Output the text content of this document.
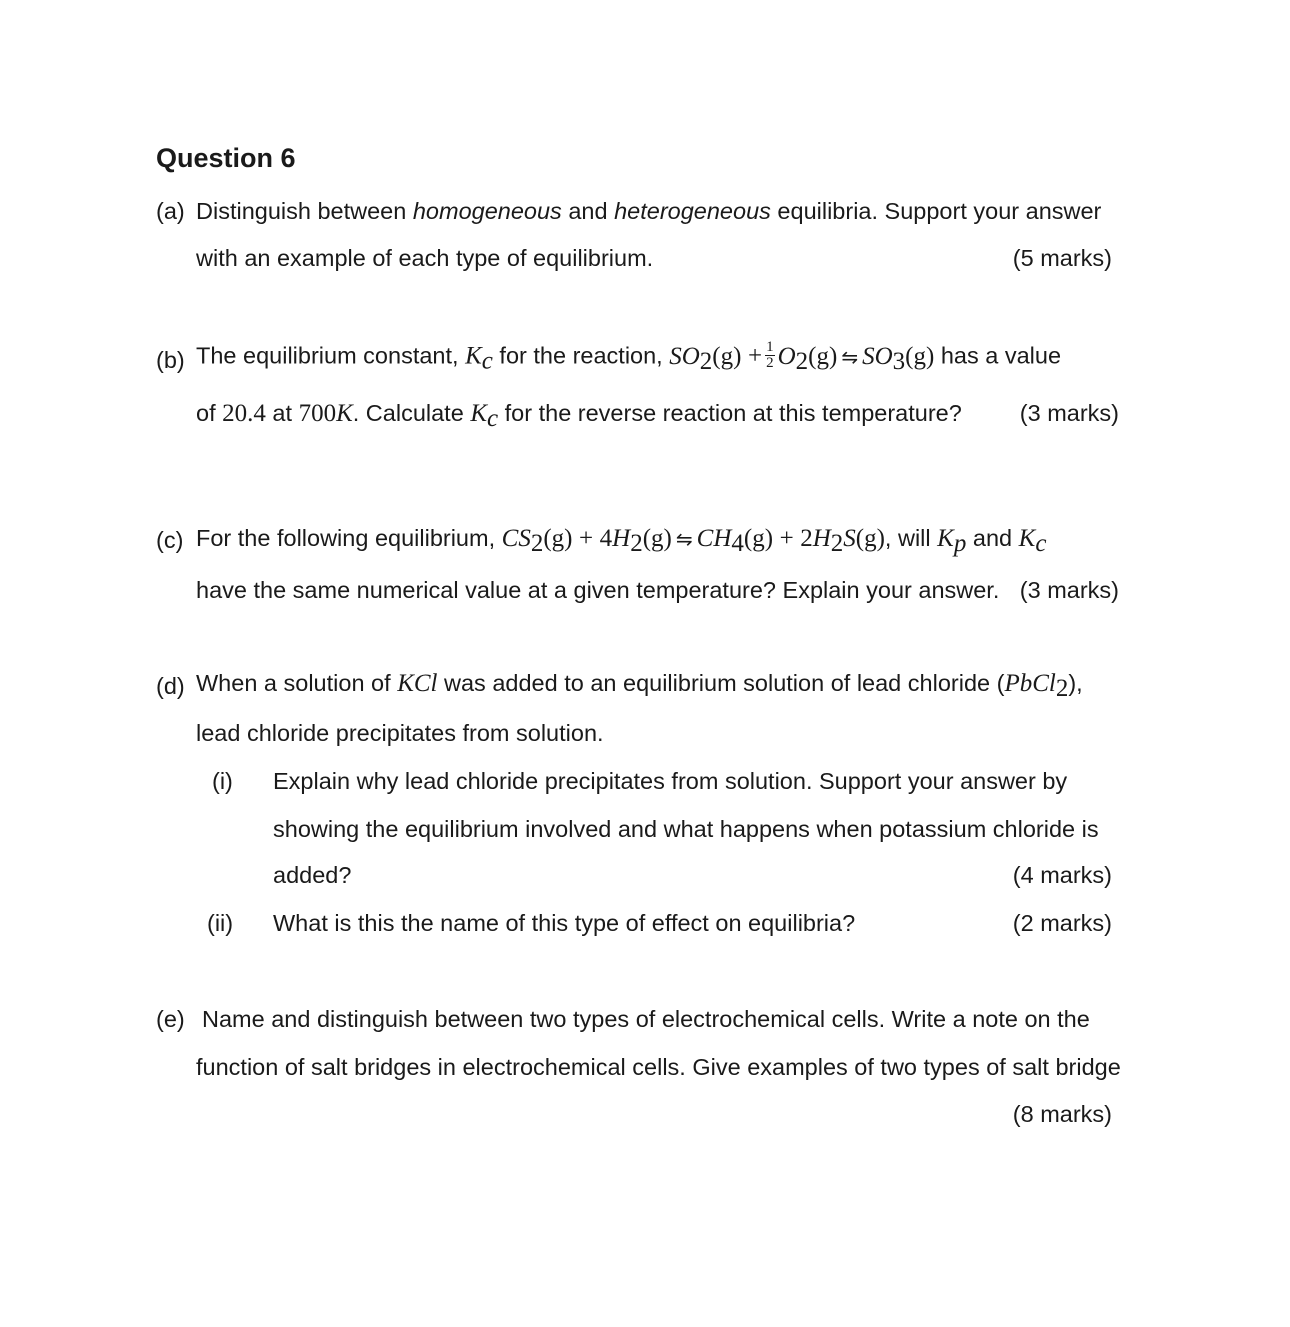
Question 6
(a) Distinguish between homogeneous and heterogeneous equilibria. Support your answer
with an example of each type of equilibrium.	(5 marks)
(b) The equilibrium constant, $K_c$ for the reaction, $SO_2(g) + \frac{1}{2} O_2(g)$ ⇋ $SO_3(g)$ has a value
of 20.4 at 700K. Calculate $K_c$ for the reverse reaction at this temperature? (3 marks)
(c) For the following equilibrium, $CS_2(g) + 4H_2(g)$ ⇋ $CH_4(g) + 2H_2S(g)$, will $K_p$ and $K_c$
have the same numerical value at a given temperature? Explain your answer. (3 marks)
(d) When a solution of KCl was added to an equilibrium solution of lead chloride (PbCl$_2$),
lead chloride precipitates from solution.
(i) Explain why lead chloride precipitates from solution. Support your answer by
showing the equilibrium involved and what happens when potassium chloride is
added?	(4 marks)
(ii) What is this the name of this type of effect on equilibria?	(2 marks)
(e) Name and distinguish between two types of electrochemical cells. Write a note on the
function of salt bridges in electrochemical cells. Give examples of two types of salt bridge
(8 marks)
